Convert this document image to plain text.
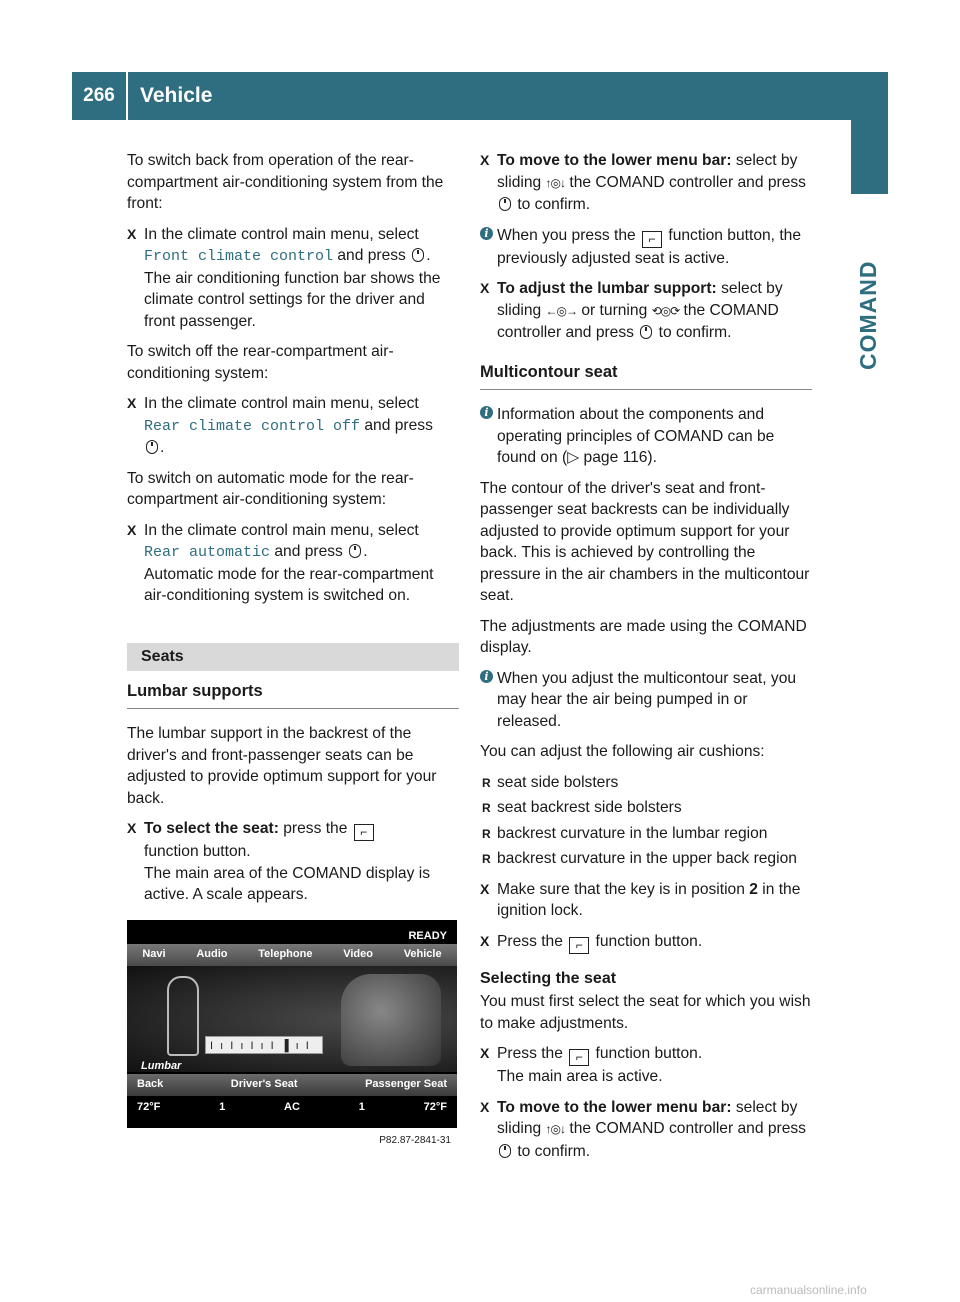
266	Vehicle
COMAND

To switch back from operation of the rear-compartment air-conditioning system from the front:

X In the climate control main menu, select Front climate control and press .
The air conditioning function bar shows the climate control settings for the driver and front passenger.

To switch off the rear-compartment air-conditioning system:

X In the climate control main menu, select Rear climate control off and press
.

To switch on automatic mode for the rear-compartment air-conditioning system:

X In the climate control main menu, select Rear automatic and press .
Automatic mode for the rear-compartment air-conditioning system is switched on.
Seats
Lumbar supports

The lumbar support in the backrest of the driver's and front-passenger seats can be adjusted to provide optimum support for your back.

X To select the seat: press the ⌐
function button.
The main area of the COMAND display is active. A scale appears.
READY
Navi	Audio	Telephone	Video	Vehicle
I ı I ı I ı I ▐ ı I  8
Lumbar
Back	Driver's Seat	Passenger Seat
72°F	1	AC	1	72°F
P82.87-2841-31
X To move to the lower menu bar: select by sliding ↑◎↓ the COMAND controller and press  to confirm.
i When you press the ⌐ function button, the previously adjusted seat is active.
X To adjust the lumbar support: select by sliding ←◎→ or turning ⟲◎⟳ the COMAND controller and press  to confirm.
Multicontour seat
i Information about the components and operating principles of COMAND can be found on (▷ page 116).

The contour of the driver's seat and front-passenger seat backrests can be individually adjusted to provide optimum support for your back. This is achieved by controlling the pressure in the air chambers in the multicontour seat.

The adjustments are made using the COMAND display.

i When you adjust the multicontour seat, you may hear the air being pumped in or released.

You can adjust the following air cushions:

R seat side bolsters
R seat backrest side bolsters
R backrest curvature in the lumbar region
R backrest curvature in the upper back region
X Make sure that the key is in position 2 in the ignition lock.
X Press the ⌐ function button.
Selecting the seat

You must first select the seat for which you wish to make adjustments.

X Press the ⌐ function button.
The main area is active.
X To move to the lower menu bar: select by sliding ↑◎↓ the COMAND controller and press  to confirm.
carmanualsonline.info
